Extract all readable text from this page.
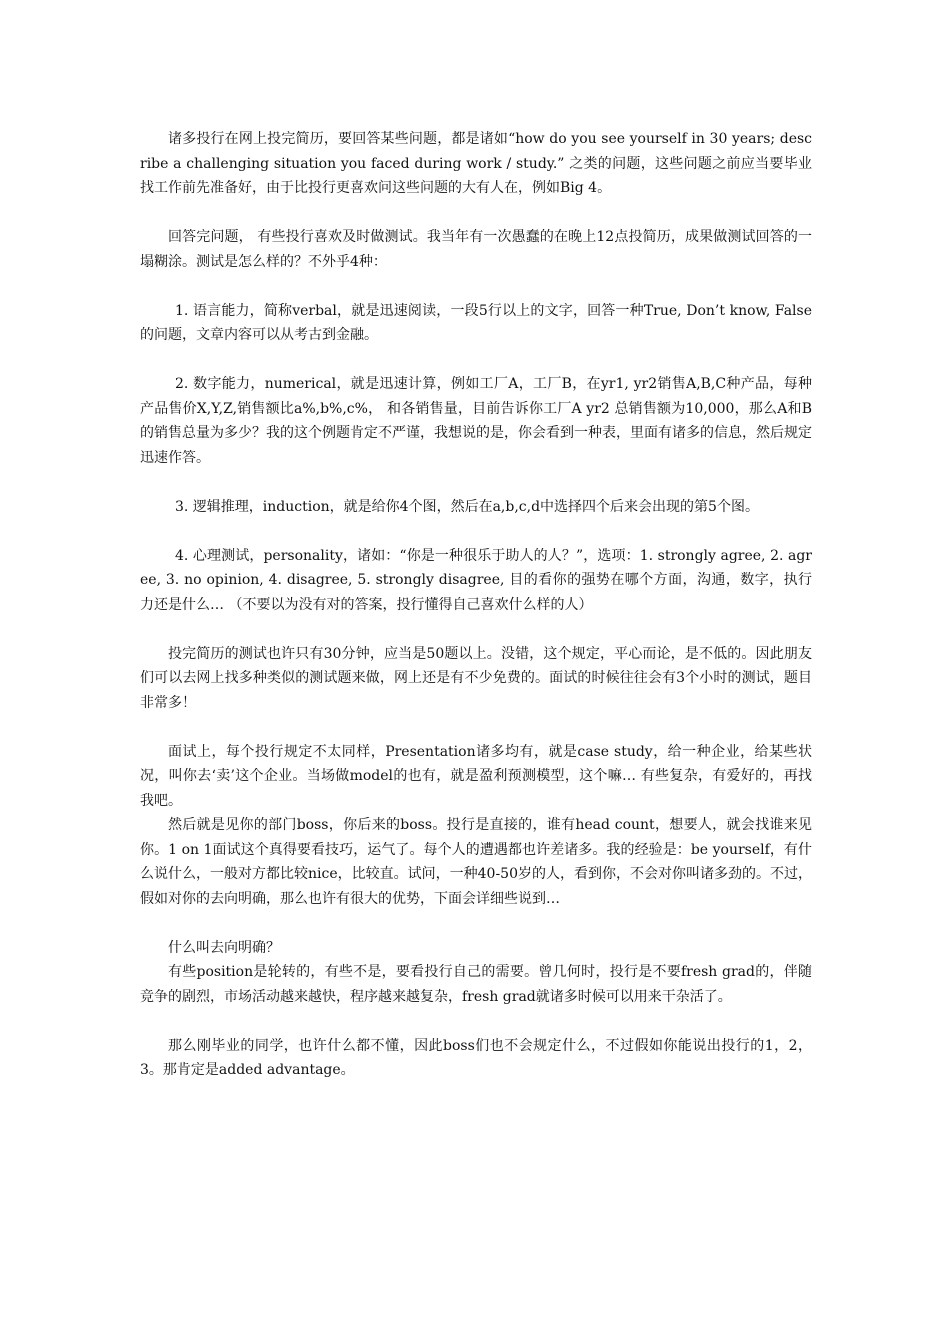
诸多投行在网上投完简历，要回答某些问题，都是诸如“how do you see yourself in 30 years; describe a challenging situation you faced during work / study.” 之类的问题，这些问题之前应当要毕业找工作前先准备好，由于比投行更喜欢问这些问题的大有人在，例如Big 4。

回答完问题， 有些投行喜欢及时做测试。我当年有一次愚蠢的在晚上12点投简历，成果做测试回答的一塌糊涂。测试是怎么样的？不外乎4种：

1. 语言能力，简称verbal，就是迅速阅读，一段5行以上的文字，回答一种True, Don’t know, False的问题，文章内容可以从考古到金融。

2. 数字能力，numerical，就是迅速计算，例如工厂A，工厂B，在yr1, yr2销售A,B,C种产品，每种产品售价X,Y,Z,销售额比a%,b%,c%， 和各销售量，目前告诉你工厂A yr2 总销售额为10,000，那么A和B的销售总量为多少？我的这个例题肯定不严谨，我想说的是，你会看到一种表，里面有诸多的信息，然后规定迅速作答。

3. 逻辑推理，induction，就是给你4个图，然后在a,b,c,d中选择四个后来会出现的第5个图。

4. 心理测试，personality，诸如：“你是一种很乐于助人的人？”，选项：1. strongly agree, 2. agree, 3. no opinion, 4. disagree, 5. strongly disagree, 目的看你的强势在哪个方面，沟通，数字，执行力还是什么… （不要以为没有对的答案，投行懂得自己喜欢什么样的人）

投完简历的测试也许只有30分钟，应当是50题以上。没错，这个规定，平心而论，是不低的。因此朋友们可以去网上找多种类似的测试题来做，网上还是有不少免费的。面试的时候往往会有3个小时的测试，题目非常多！

面试上，每个投行规定不太同样，Presentation诸多均有，就是case study，给一种企业，给某些状况，叫你去‘卖’这个企业。当场做model的也有，就是盈利预测模型，这个嘛… 有些复杂，有爱好的，再找我吧。

然后就是见你的部门boss，你后来的boss。投行是直接的，谁有head count，想要人，就会找谁来见你。1 on 1面试这个真得要看技巧，运气了。每个人的遭遇都也许差诸多。我的经验是：be yourself，有什么说什么，一般对方都比较nice，比较直。试问，一种40-50岁的人，看到你，不会对你叫诸多劲的。不过，假如对你的去向明确，那么也许有很大的优势，下面会详细些说到…

什么叫去向明确？

有些position是轮转的，有些不是，要看投行自己的需要。曾几何时，投行是不要fresh grad的，伴随竞争的剧烈，市场活动越来越快，程序越来越复杂，fresh grad就诸多时候可以用来干杂活了。

那么刚毕业的同学，也许什么都不懂，因此boss们也不会规定什么，不过假如你能说出投行的1，2，3。那肯定是added advantage。
